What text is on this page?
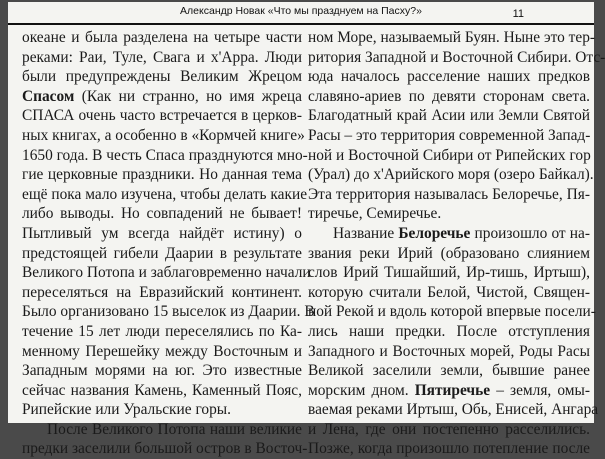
Александр Новак «Что мы празднуем на Пасху?»	11
океане и была разделена на четыре части
реками: Раи, Туле, Свага и х'Арра. Люди
были предупреждены Великим Жрецом
Спасом (Как ни странно, но имя жреца
СПАСА очень часто встречается в церков-
ных книгах, а особенно в «Кормчей книге»
1650 года. В честь Спаса празднуются мно-
гие церковные праздники. Но данная тема
ещё пока мало изучена, чтобы делать какие
либо выводы. Но совпадений не бывает!
Пытливый ум всегда найдёт истину) о
предстоящей гибели Даарии в результате
Великого Потопа и заблаговременно начали
переселяться на Евразийский континент.
Было организовано 15 выселок из Даарии. В
течение 15 лет люди переселялись по Ка-
менному Перешейку между Восточным и
Западным морями на юг. Это известные
сейчас названия Камень, Каменный Пояс,
Рипейские или Уральские горы.
После Великого Потопа наши великие
предки заселили большой остров в Восточ-
ном Море, называемый Буян. Ныне это тер-
ритория Западной и Восточной Сибири. Отс-
юда началось расселение наших предков
славяно-ариев по девяти сторонам света.
Благодатный край Асии или Земли Святой
Расы – это территория современной Запад-
ной и Восточной Сибири от Рипейских гор
(Урал) до х'Арийского моря (озеро Байкал).
Эта территория называлась Белоречье, Пя-
тиречье, Семиречье.
Название Белоречье произошло от на-
звания реки Ирий (образовано слиянием
слов Ирий Тишайший, Ир-тишь, Иртыш),
которую считали Белой, Чистой, Священ-
ной Рекой и вдоль которой впервые посели-
лись наши предки. После отступления
Западного и Восточных морей, Роды Расы
Великой заселили земли, бывшие ранее
морским дном. Пятиречье – земля, омы-
ваемая реками Иртыш, Обь, Енисей, Ангара
и Лена, где они постепенно расселились.
Позже, когда произошло потепление после
